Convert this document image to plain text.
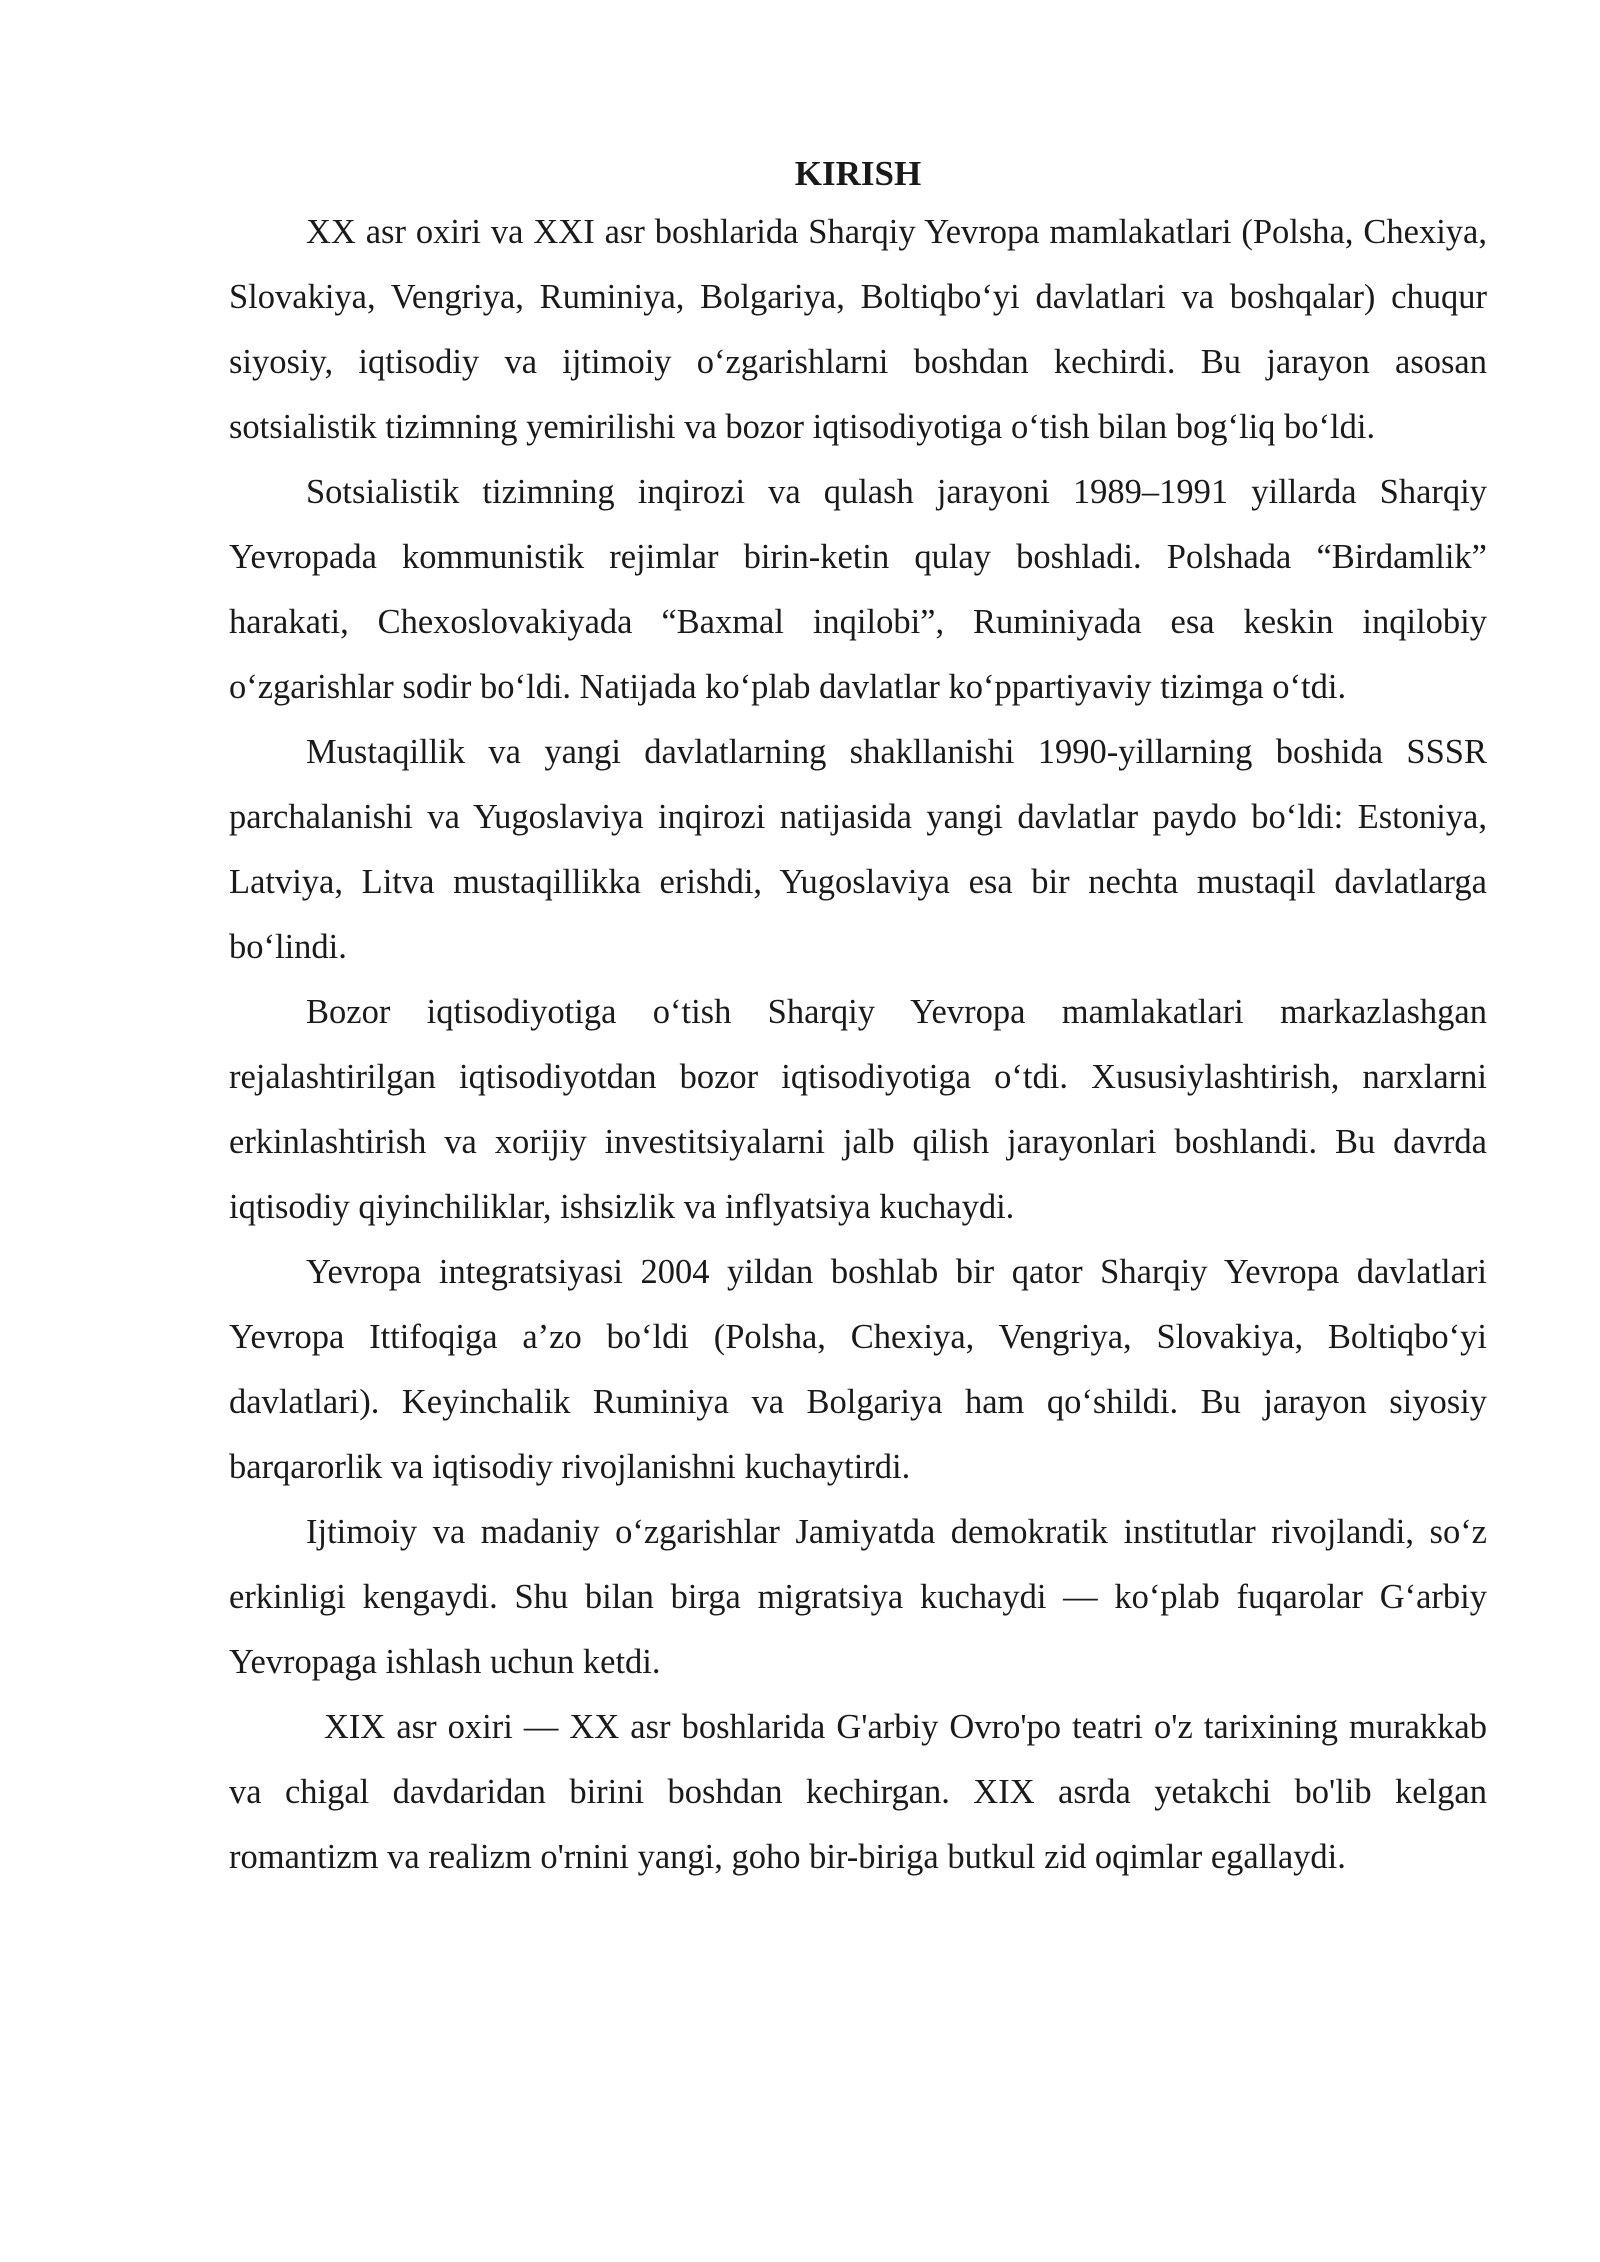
KIRISH

XX asr oxiri va XXI asr boshlarida Sharqiy Yevropa mamlakatlari (Polsha, Chexiya, Slovakiya, Vengriya, Ruminiya, Bolgariya, Boltiqbo‘yi davlatlari va boshqalar) chuqur siyosiy, iqtisodiy va ijtimoiy o‘zgarishlarni boshdan kechirdi. Bu jarayon asosan sotsialistik tizimning yemirilishi va bozor iqtisodiyotiga o‘tish bilan bog‘liq bo‘ldi.

Sotsialistik tizimning inqirozi va qulash jarayoni 1989–1991 yillarda Sharqiy Yevropada kommunistik rejimlar birin-ketin qulay boshladi. Polshada “Birdamlik” harakati, Chexoslovakiyada “Baxmal inqilobi”, Ruminiyada esa keskin inqilobiy o‘zgarishlar sodir bo‘ldi. Natijada ko‘plab davlatlar ko‘ppartiyaviy tizimga o‘tdi.

Mustaqillik va yangi davlatlarning shakllanishi 1990-yillarning boshida SSSR parchalanishi va Yugoslaviya inqirozi natijasida yangi davlatlar paydo bo‘ldi: Estoniya, Latviya, Litva mustaqillikka erishdi, Yugoslaviya esa bir nechta mustaqil davlatlarga bo‘lindi.

Bozor iqtisodiyotiga o‘tish Sharqiy Yevropa mamlakatlari markazlashgan rejalashtirilgan iqtisodiyotdan bozor iqtisodiyotiga o‘tdi. Xususiylashtirish, narxlarni erkinlashtirish va xorijiy investitsiyalarni jalb qilish jarayonlari boshlandi. Bu davrda iqtisodiy qiyinchiliklar, ishsizlik va inflyatsiya kuchaydi.

Yevropa integratsiyasi 2004 yildan boshlab bir qator Sharqiy Yevropa davlatlari Yevropa Ittifoqiga a’zo bo‘ldi (Polsha, Chexiya, Vengriya, Slovakiya, Boltiqbo‘yi davlatlari). Keyinchalik Ruminiya va Bolgariya ham qo‘shildi. Bu jarayon siyosiy barqarorlik va iqtisodiy rivojlanishni kuchaytirdi.

Ijtimoiy va madaniy o‘zgarishlar Jamiyatda demokratik institutlar rivojlandi, so‘z erkinligi kengaydi. Shu bilan birga migratsiya kuchaydi — ko‘plab fuqarolar G‘arbiy Yevropaga ishlash uchun ketdi.

XIX asr oxiri — XX asr boshlarida G'arbiy Ovro'po teatri o'z tarixining murakkab va chigal davdaridan birini boshdan kechirgan. XIX asrda yetakchi bo'lib kelgan romantizm va realizm o'rnini yangi, goho bir-biriga butkul zid oqimlar egallaydi.
